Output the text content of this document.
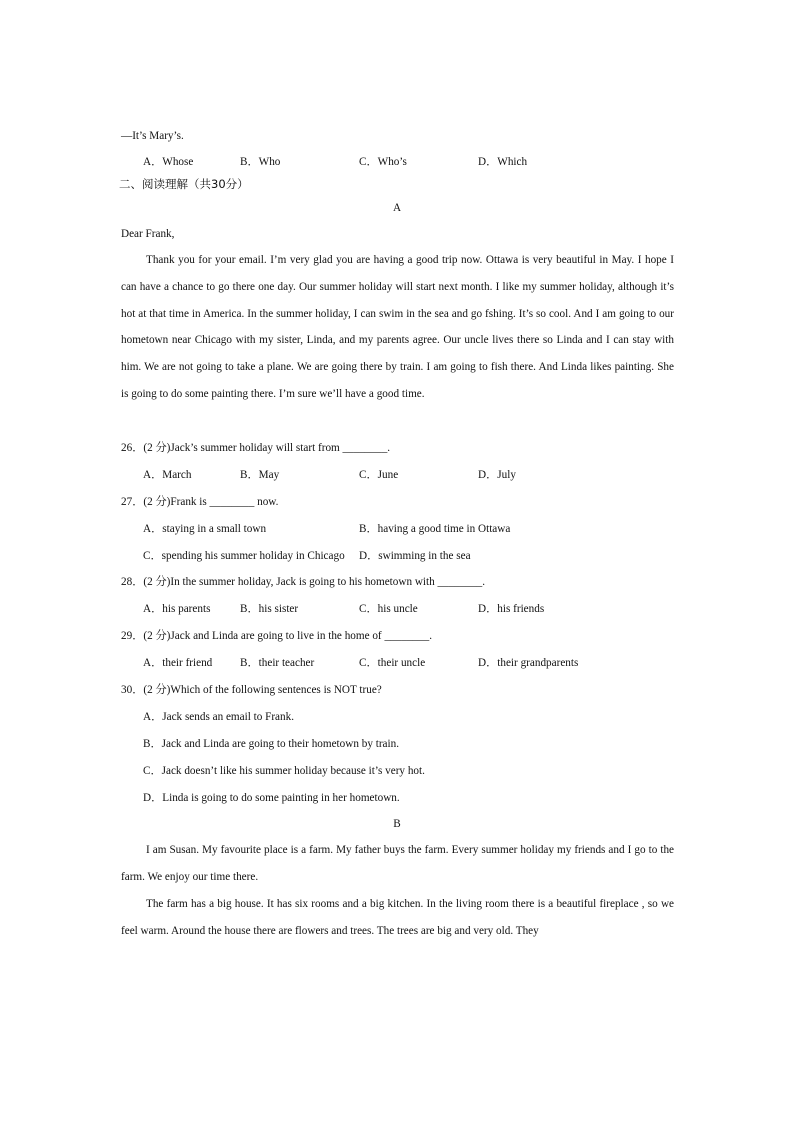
—It’s Mary’s.
A．Whose	B．Who	C．Who’s	D．Which
二、阅读理解（共30分）
A
Dear Frank,

Thank you for your email. I’m very glad you are having a good trip now. Ottawa is very beautiful in May. I hope I can have a chance to go there one day. Our summer holiday will start next month. I like my summer holiday, although it’s hot at that time in America. In the summer holiday, I can swim in the sea and go fshing. It’s so cool. And I am going to our hometown near Chicago with my sister, Linda, and my parents agree. Our uncle lives there so Linda and I can stay with him. We are not going to take a plane. We are going there by train. I am going to fish there. And Linda likes painting. She is going to do some painting there. I’m sure we’ll have a good time.

26．(2 分)Jack’s summer holiday will start from ________.
A．March	B．May	C．June	D．July
27．(2 分)Frank is ________ now.
A．staying in a small town	B．having a good time in Ottawa
C．spending his summer holiday in Chicago D．swimming in the sea
28．(2 分)In the summer holiday, Jack is going to his hometown with ________.
A．his parents	B．his sister	C．his uncle	D．his friends
29．(2 分)Jack and Linda are going to live in the home of ________.
A．their friend B．their teacher	C．their uncle	D．their grandparents
30．(2 分)Which of the following sentences is NOT true?
A．Jack sends an email to Frank.
B．Jack and Linda are going to their hometown by train.
C．Jack doesn’t like his summer holiday because it’s very hot.
D．Linda is going to do some painting in her hometown.
B

I am Susan. My favourite place is a farm. My father buys the farm. Every summer holiday my friends and I go to the farm. We enjoy our time there.

The farm has a big house. It has six rooms and a big kitchen. In the living room there is a beautiful fireplace , so we feel warm. Around the house there are flowers and trees. The trees are big and very old. They
